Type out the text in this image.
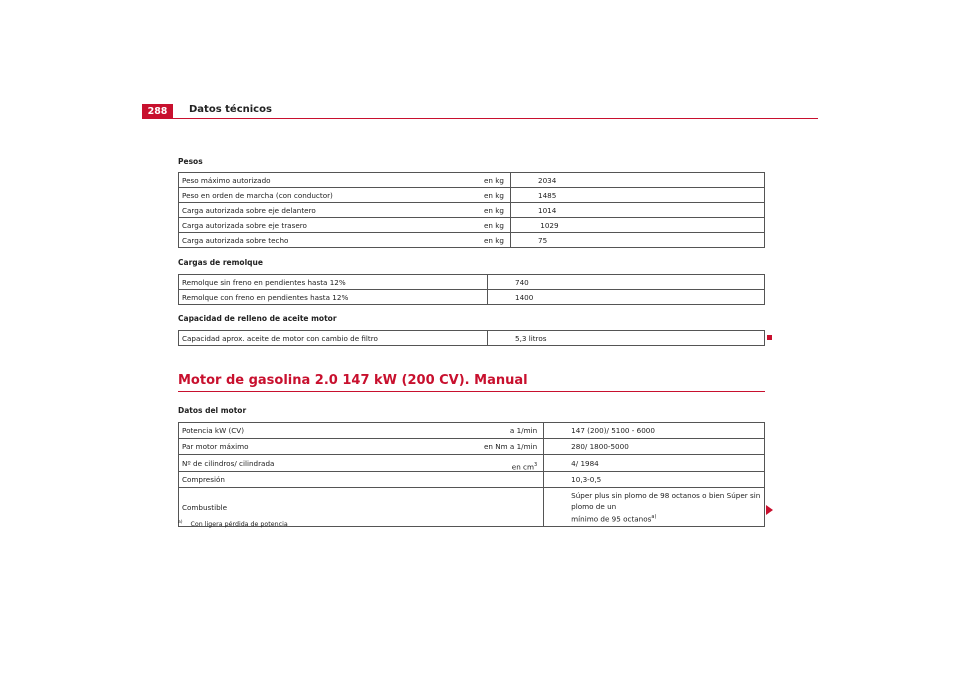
288	Datos técnicos
Pesos
Peso máximo autorizado	en kg	2034
Peso en orden de marcha (con conductor)	en kg	1485
Carga autorizada sobre eje delantero	en kg	1014
Carga autorizada sobre eje trasero	en kg	1029
Carga autorizada sobre techo	en kg	75
Cargas de remolque
Remolque sin freno en pendientes hasta 12%	740
Remolque con freno en pendientes hasta 12%	1400
Capacidad de relleno de aceite motor
Capacidad aprox. aceite de motor con cambio de filtro	5,3 litros
Motor de gasolina 2.0 147 kW (200 CV). Manual
Datos del motor
Potencia kW (CV)	a 1/min	147 (200)/ 5100 - 6000
Par motor máximo	en Nm a 1/min	280/ 1800-5000
Nº de cilindros/ cilindrada	en $cm^3$	4/ 1984
Compresión		10,3-0,5
Combustible		Súper plus sin plomo de 98 octanos o bien Súper sin plomo de un
mínimo de 95 octanos$^{a)}$
$^{a)}$ Con ligera pérdida de potencia
